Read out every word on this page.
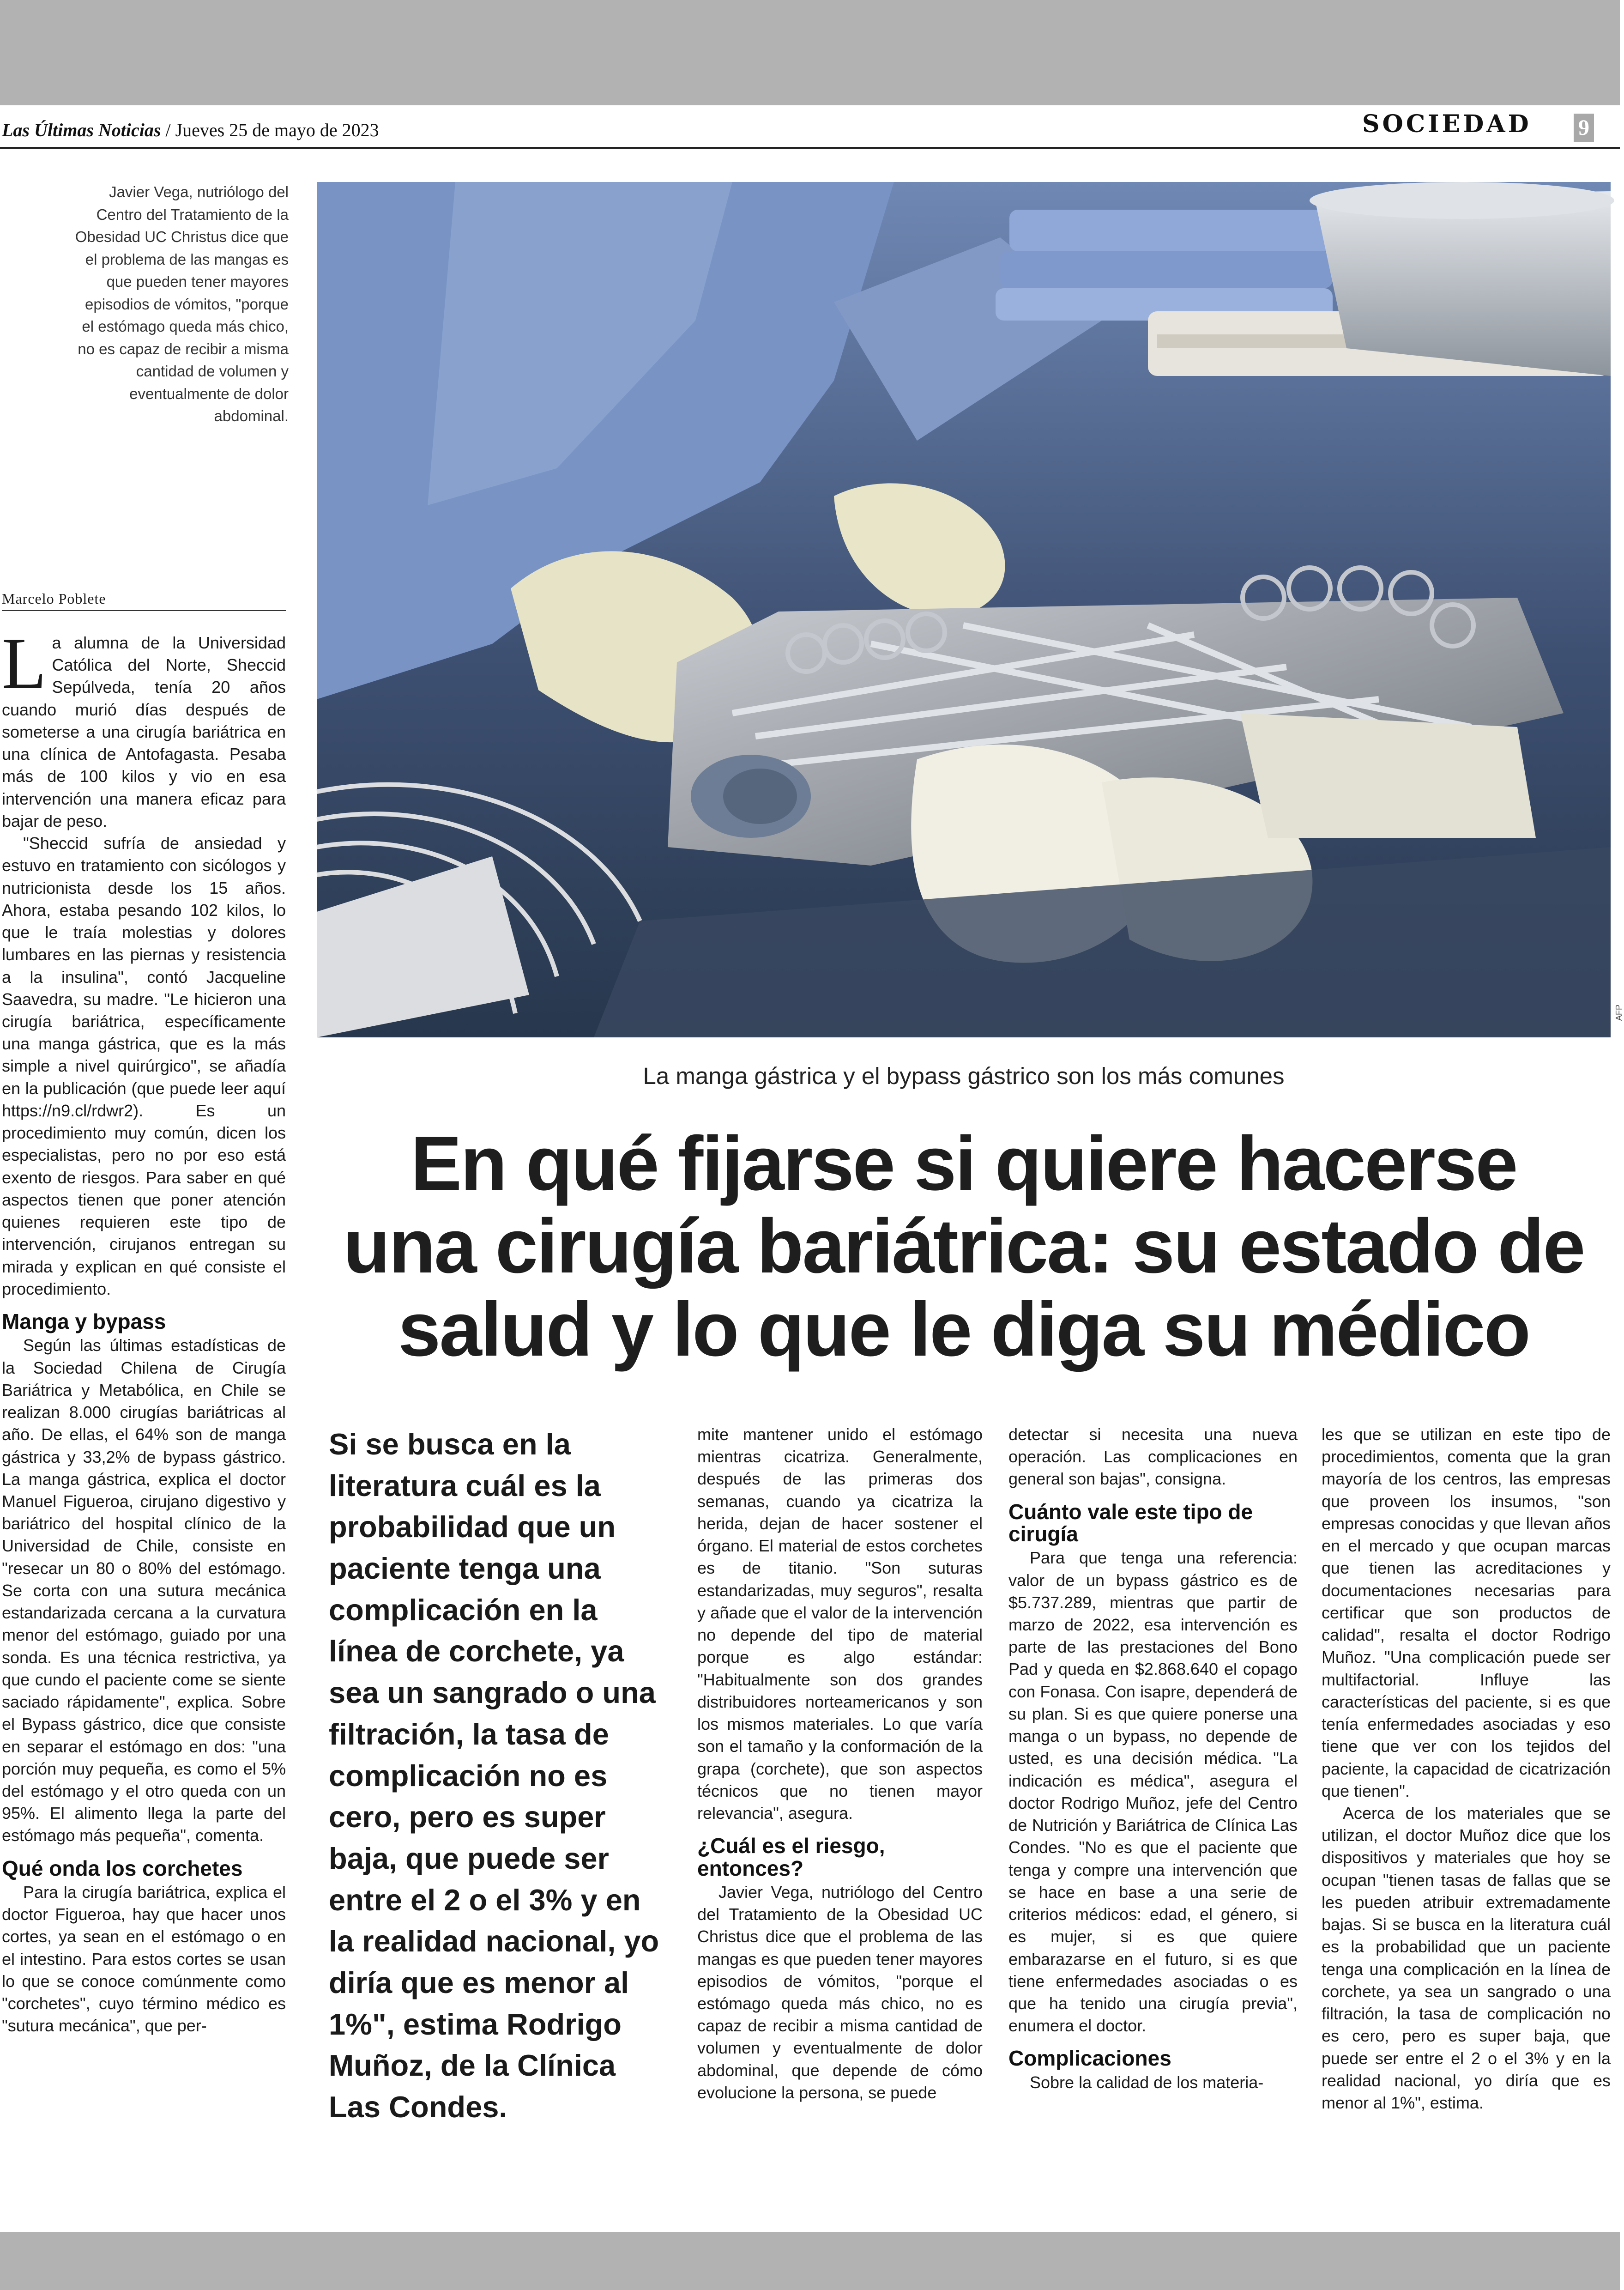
Las Últimas Noticias / Jueves 25 de mayo de 2023	SOCIEDAD 9
Javier Vega, nutriólogo del Centro del Tratamiento de la Obesidad UC Christus dice que el problema de las mangas es que pueden tener mayores episodios de vómitos, "porque el estómago queda más chico, no es capaz de recibir a misma cantidad de volumen y eventualmente de dolor abdominal.
AFP
La manga gástrica y el bypass gástrico son los más comunes
En qué fijarse si quiere hacerse
una cirugía bariátrica: su estado de
salud y lo que le diga su médico
Marcelo Poblete
L a alumna de la Universidad Católica del Norte, Sheccid Sepúlveda, tenía 20 años cuando murió días después de someterse a una cirugía bariátrica en una clínica de Antofagasta. Pesaba más de 100 kilos y vio en esa intervención una manera eficaz para bajar de peso.

"Sheccid sufría de ansiedad y estuvo en tratamiento con sicólogos y nutricionista desde los 15 años. Ahora, estaba pesando 102 kilos, lo que le traía molestias y dolores lumbares en las piernas y resistencia a la insulina", contó Jacqueline Saavedra, su madre. "Le hicieron una cirugía bariátrica, específicamente una manga gástrica, que es la más simple a nivel quirúrgico", se añadía en la publicación (que puede leer aquí https://n9.cl/rdwr2). Es un procedimiento muy común, dicen los especialistas, pero no por eso está exento de riesgos. Para saber en qué aspectos tienen que poner atención quienes requieren este tipo de intervención, cirujanos entregan su mirada y explican en qué consiste el procedimiento.

Manga y bypass

Según las últimas estadísticas de la Sociedad Chilena de Cirugía Bariátrica y Metabólica, en Chile se realizan 8.000 cirugías bariátricas al año. De ellas, el 64% son de manga gástrica y 33,2% de bypass gástrico. La manga gástrica, explica el doctor Manuel Figueroa, cirujano digestivo y bariátrico del hospital clínico de la Universidad de Chile, consiste en "resecar un 80 o 80% del estómago. Se corta con una sutura mecánica estandarizada cercana a la curvatura menor del estómago, guiado por una sonda. Es una técnica restrictiva, ya que cundo el paciente come se siente saciado rápidamente", explica. Sobre el Bypass gástrico, dice que consiste en separar el estómago en dos: "una porción muy pequeña, es como el 5% del estómago y el otro queda con un 95%. El alimento llega la parte del estómago más pequeña", comenta.

Qué onda los corchetes

Para la cirugía bariátrica, explica el doctor Figueroa, hay que hacer unos cortes, ya sean en el estómago o en el intestino. Para estos cortes se usan lo que se conoce comúnmente como "corchetes", cuyo término médico es "sutura mecánica", que per-

Si se busca en la literatura cuál es la probabilidad que un paciente tenga una complicación en la línea de corchete, ya sea un sangrado o una filtración, la tasa de complicación no es cero, pero es super baja, que puede ser entre el 2 o el 3% y en la realidad nacional, yo diría que es menor al 1%", estima Rodrigo Muñoz, de la Clínica Las Condes.

mite mantener unido el estómago mientras cicatriza. Generalmente, después de las primeras dos semanas, cuando ya cicatriza la herida, dejan de hacer sostener el órgano. El material de estos corchetes es de titanio. "Son suturas estandarizadas, muy seguros", resalta y añade que el valor de la intervención no depende del tipo de material porque es algo estándar: "Habitualmente son dos grandes distribuidores norteamericanos y son los mismos materiales. Lo que varía son el tamaño y la conformación de la grapa (corchete), que son aspectos técnicos que no tienen mayor relevancia", asegura.

¿Cuál es el riesgo, entonces?

Javier Vega, nutriólogo del Centro del Tratamiento de la Obesidad UC Christus dice que el problema de las mangas es que pueden tener mayores episodios de vómitos, "porque el estómago queda más chico, no es capaz de recibir a misma cantidad de volumen y eventualmente de dolor abdominal, que depende de cómo evolucione la persona, se puede

detectar si necesita una nueva operación. Las complicaciones en general son bajas", consigna.

Cuánto vale este tipo de cirugía

Para que tenga una referencia: valor de un bypass gástrico es de $5.737.289, mientras que partir de marzo de 2022, esa intervención es parte de las prestaciones del Bono Pad y queda en $2.868.640 el copago con Fonasa. Con isapre, dependerá de su plan. Si es que quiere ponerse una manga o un bypass, no depende de usted, es una decisión médica. "La indicación es médica", asegura el doctor Rodrigo Muñoz, jefe del Centro de Nutrición y Bariátrica de Clínica Las Condes. "No es que el paciente que tenga y compre una intervención que se hace en base a una serie de criterios médicos: edad, el género, si es mujer, si es que quiere embarazarse en el futuro, si es que tiene enfermedades asociadas o es que ha tenido una cirugía previa", enumera el doctor.

Complicaciones

Sobre la calidad de los materia-

les que se utilizan en este tipo de procedimientos, comenta que la gran mayoría de los centros, las empresas que proveen los insumos, "son empresas conocidas y que llevan años en el mercado y que ocupan marcas que tienen las acreditaciones y documentaciones necesarias para certificar que son productos de calidad", resalta el doctor Rodrigo Muñoz. "Una complicación puede ser multifactorial. Influye las características del paciente, si es que tenía enfermedades asociadas y eso tiene que ver con los tejidos del paciente, la capacidad de cicatrización que tienen".

Acerca de los materiales que se utilizan, el doctor Muñoz dice que los dispositivos y materiales que hoy se ocupan "tienen tasas de fallas que se les pueden atribuir extremadamente bajas. Si se busca en la literatura cuál es la probabilidad que un paciente tenga una complicación en la línea de corchete, ya sea un sangrado o una filtración, la tasa de complicación no es cero, pero es super baja, que puede ser entre el 2 o el 3% y en la realidad nacional, yo diría que es menor al 1%", estima.
